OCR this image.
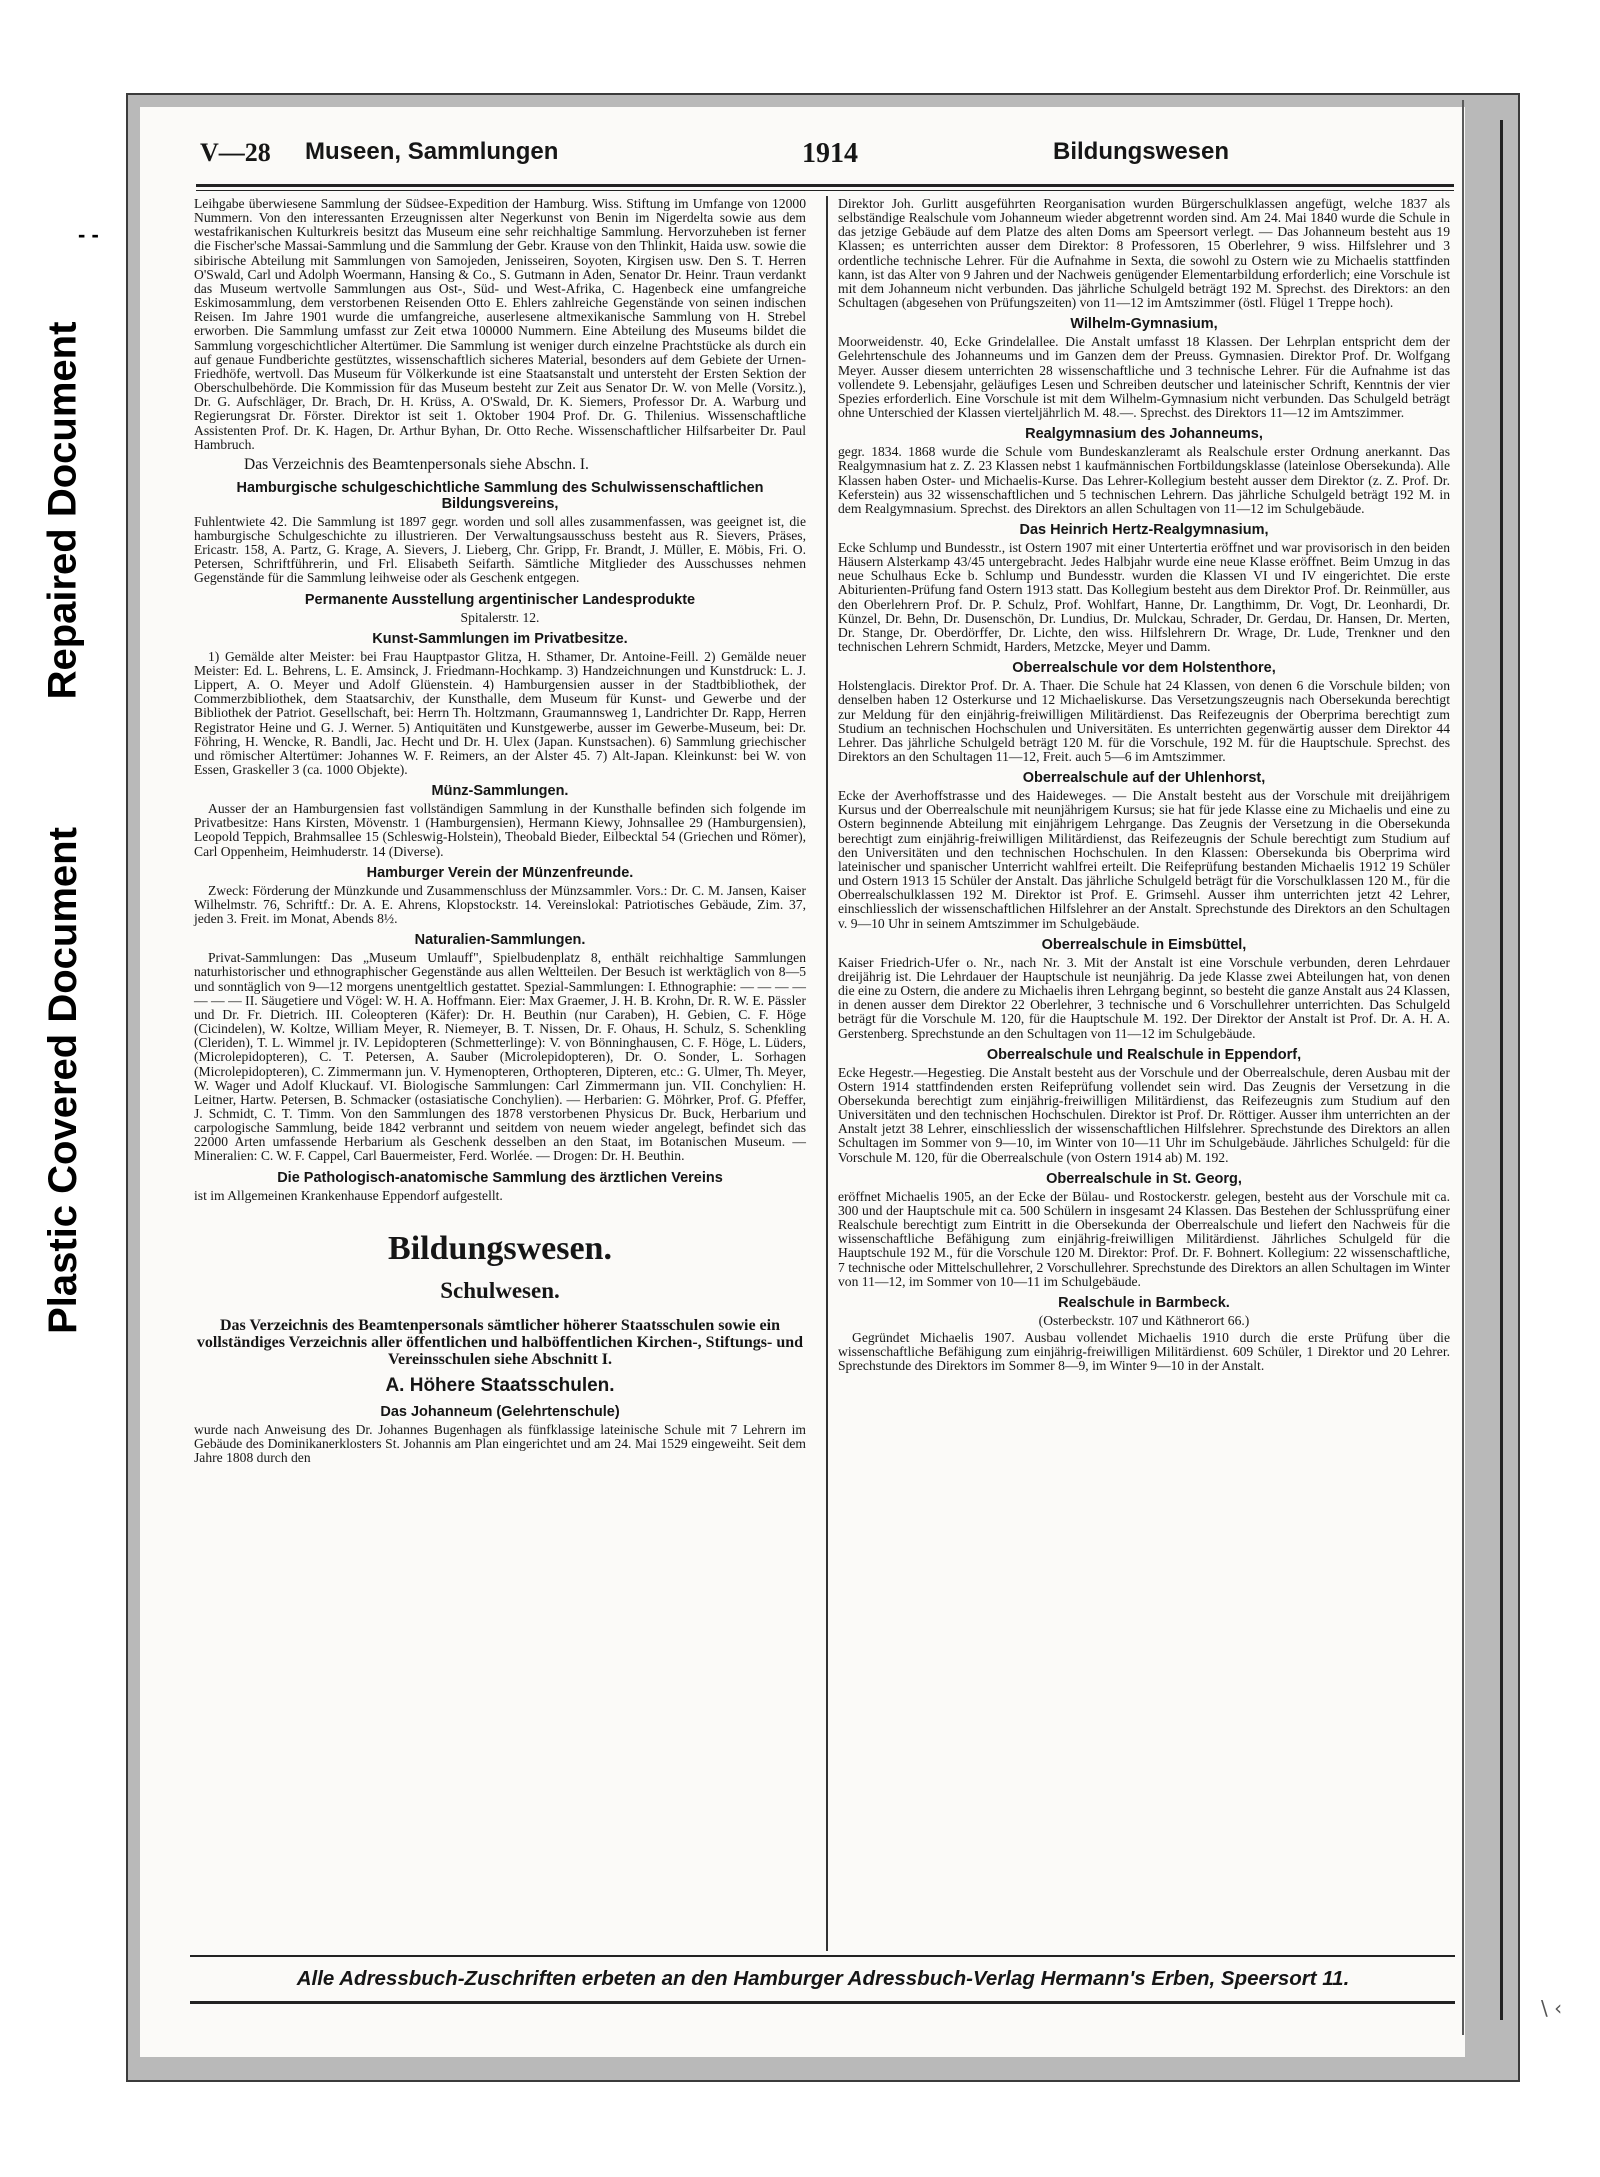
- -
Repaired Document
Plastic Covered Document
\ ‹
V—28 Museen, Sammlungen	1914	Bildungswesen

Leihgabe überwiesene Sammlung der Südsee-Expedition der Hamburg. Wiss. Stiftung im Umfange von 12000 Nummern. Von den interessanten Erzeugnissen alter Negerkunst von Benin im Nigerdelta sowie aus dem westafrikanischen Kulturkreis besitzt das Museum eine sehr reichhaltige Sammlung. Hervorzuheben ist ferner die Fischer'sche Massai-Sammlung und die Sammlung der Gebr. Krause von den Thlinkit, Haida usw. sowie die sibirische Abteilung mit Sammlungen von Samojeden, Jenisseiren, Soyoten, Kirgisen usw. Den S. T. Herren O'Swald, Carl und Adolph Woermann, Hansing & Co., S. Gutmann in Aden, Senator Dr. Heinr. Traun verdankt das Museum wertvolle Sammlungen aus Ost-, Süd- und West-Afrika, C. Hagenbeck eine umfangreiche Eskimosammlung, dem verstorbenen Reisenden Otto E. Ehlers zahlreiche Gegenstände von seinen indischen Reisen. Im Jahre 1901 wurde die umfangreiche, auserlesene altmexikanische Sammlung von H. Strebel erworben. Die Sammlung umfasst zur Zeit etwa 100000 Nummern. Eine Abteilung des Museums bildet die Sammlung vorgeschichtlicher Altertümer. Die Sammlung ist weniger durch einzelne Prachtstücke als durch ein auf genaue Fundberichte gestütztes, wissenschaftlich sicheres Material, besonders auf dem Gebiete der Urnen-Friedhöfe, wertvoll. Das Museum für Völkerkunde ist eine Staatsanstalt und untersteht der Ersten Sektion der Oberschulbehörde. Die Kommission für das Museum besteht zur Zeit aus Senator Dr. W. von Melle (Vorsitz.), Dr. G. Aufschläger, Dr. Brach, Dr. H. Krüss, A. O'Swald, Dr. K. Siemers, Professor Dr. A. Warburg und Regierungsrat Dr. Förster. Direktor ist seit 1. Oktober 1904 Prof. Dr. G. Thilenius. Wissenschaftliche Assistenten Prof. Dr. K. Hagen, Dr. Arthur Byhan, Dr. Otto Reche. Wissenschaftlicher Hilfsarbeiter Dr. Paul Hambruch.

Das Verzeichnis des Beamtenpersonals siehe Abschn. I.
Hamburgische schulgeschichtliche Sammlung des Schulwissenschaftlichen Bildungsvereins,

Fuhlentwiete 42. Die Sammlung ist 1897 gegr. worden und soll alles zusammenfassen, was geeignet ist, die hamburgische Schulgeschichte zu illustrieren. Der Verwaltungsausschuss besteht aus R. Sievers, Präses, Ericastr. 158, A. Partz, G. Krage, A. Sievers, J. Lieberg, Chr. Gripp, Fr. Brandt, J. Müller, E. Möbis, Fri. O. Petersen, Schriftführerin, und Frl. Elisabeth Seifarth. Sämtliche Mitglieder des Ausschusses nehmen Gegenstände für die Sammlung leihweise oder als Geschenk entgegen.

Permanente Ausstellung argentinischer Landesprodukte
Spitalerstr. 12.
Kunst-Sammlungen im Privatbesitze.

1) Gemälde alter Meister: bei Frau Hauptpastor Glitza, H. Sthamer, Dr. Antoine-Feill. 2) Gemälde neuer Meister: Ed. L. Behrens, L. E. Amsinck, J. Friedmann-Hochkamp. 3) Handzeichnungen und Kunstdruck: L. J. Lippert, A. O. Meyer und Adolf Glüenstein. 4) Hamburgensien ausser in der Stadtbibliothek, der Commerzbibliothek, dem Staatsarchiv, der Kunsthalle, dem Museum für Kunst- und Gewerbe und der Bibliothek der Patriot. Gesellschaft, bei: Herrn Th. Holtzmann, Graumannsweg 1, Landrichter Dr. Rapp, Herren Registrator Heine und G. J. Werner. 5) Antiquitäten und Kunstgewerbe, ausser im Gewerbe-Museum, bei: Dr. Föhring, H. Wencke, R. Bandli, Jac. Hecht und Dr. H. Ulex (Japan. Kunstsachen). 6) Sammlung griechischer und römischer Altertümer: Johannes W. F. Reimers, an der Alster 45. 7) Alt-Japan. Kleinkunst: bei W. von Essen, Graskeller 3 (ca. 1000 Objekte).

Münz-Sammlungen.

Ausser der an Hamburgensien fast vollständigen Sammlung in der Kunsthalle befinden sich folgende im Privatbesitze: Hans Kirsten, Mövenstr. 1 (Hamburgensien), Hermann Kiewy, Johnsallee 29 (Hamburgensien), Leopold Teppich, Brahmsallee 15 (Schleswig-Holstein), Theobald Bieder, Eilbecktal 54 (Griechen und Römer), Carl Oppenheim, Heimhuderstr. 14 (Diverse).

Hamburger Verein der Münzenfreunde.

Zweck: Förderung der Münzkunde und Zusammenschluss der Münzsammler. Vors.: Dr. C. M. Jansen, Kaiser Wilhelmstr. 76, Schriftf.: Dr. A. E. Ahrens, Klopstockstr. 14. Vereinslokal: Patriotisches Gebäude, Zim. 37, jeden 3. Freit. im Monat, Abends 8½.

Naturalien-Sammlungen.

Privat-Sammlungen: Das „Museum Umlauff", Spielbudenplatz 8, enthält reichhaltige Sammlungen naturhistorischer und ethnographischer Gegenstände aus allen Weltteilen. Der Besuch ist werktäglich von 8—5 und sonntäglich von 9—12 morgens unentgeltlich gestattet. Spezial-Sammlungen: I. Ethnographie: — — — — — — — II. Säugetiere und Vögel: W. H. A. Hoffmann. Eier: Max Graemer, J. H. B. Krohn, Dr. R. W. E. Pässler und Dr. Fr. Dietrich. III. Coleopteren (Käfer): Dr. H. Beuthin (nur Caraben), H. Gebien, C. F. Höge (Cicindelen), W. Koltze, William Meyer, R. Niemeyer, B. T. Nissen, Dr. F. Ohaus, H. Schulz, S. Schenkling (Cleriden), T. L. Wimmel jr. IV. Lepidopteren (Schmetterlinge): V. von Bönninghausen, C. F. Höge, L. Lüders, (Microlepidopteren), C. T. Petersen, A. Sauber (Microlepidopteren), Dr. O. Sonder, L. Sorhagen (Microlepidopteren), C. Zimmermann jun. V. Hymenopteren, Orthopteren, Dipteren, etc.: G. Ulmer, Th. Meyer, W. Wager und Adolf Kluckauf. VI. Biologische Sammlungen: Carl Zimmermann jun. VII. Conchylien: H. Leitner, Hartw. Petersen, B. Schmacker (ostasiatische Conchylien). — Herbarien: G. Möhrker, Prof. G. Pfeffer, J. Schmidt, C. T. Timm. Von den Sammlungen des 1878 verstorbenen Physicus Dr. Buck, Herbarium und carpologische Sammlung, beide 1842 verbrannt und seitdem von neuem wieder angelegt, befindet sich das 22000 Arten umfassende Herbarium als Geschenk desselben an den Staat, im Botanischen Museum. — Mineralien: C. W. F. Cappel, Carl Bauermeister, Ferd. Worlée. — Drogen: Dr. H. Beuthin.

Die Pathologisch-anatomische Sammlung des ärztlichen Vereins

ist im Allgemeinen Krankenhause Eppendorf aufgestellt.

Bildungswesen.
Schulwesen.
Das Verzeichnis des Beamtenpersonals sämtlicher höherer Staatsschulen sowie ein vollständiges Verzeichnis aller öffentlichen und halböffentlichen Kirchen-, Stiftungs- und Vereinsschulen siehe Abschnitt I.
A. Höhere Staatsschulen.
Das Johanneum (Gelehrtenschule)

wurde nach Anweisung des Dr. Johannes Bugenhagen als fünfklassige lateinische Schule mit 7 Lehrern im Gebäude des Dominikanerklosters St. Johannis am Plan eingerichtet und am 24. Mai 1529 eingeweiht. Seit dem Jahre 1808 durch den

Direktor Joh. Gurlitt ausgeführten Reorganisation wurden Bürgerschulklassen angefügt, welche 1837 als selbständige Realschule vom Johanneum wieder abgetrennt worden sind. Am 24. Mai 1840 wurde die Schule in das jetzige Gebäude auf dem Platze des alten Doms am Speersort verlegt. — Das Johanneum besteht aus 19 Klassen; es unterrichten ausser dem Direktor: 8 Professoren, 15 Oberlehrer, 9 wiss. Hilfslehrer und 3 ordentliche technische Lehrer. Für die Aufnahme in Sexta, die sowohl zu Ostern wie zu Michaelis stattfinden kann, ist das Alter von 9 Jahren und der Nachweis genügender Elementarbildung erforderlich; eine Vorschule ist mit dem Johanneum nicht verbunden. Das jährliche Schulgeld beträgt 192 M. Sprechst. des Direktors: an den Schultagen (abgesehen von Prüfungszeiten) von 11—12 im Amtszimmer (östl. Flügel 1 Treppe hoch).

Wilhelm-Gymnasium,

Moorweidenstr. 40, Ecke Grindelallee. Die Anstalt umfasst 18 Klassen. Der Lehrplan entspricht dem der Gelehrtenschule des Johanneums und im Ganzen dem der Preuss. Gymnasien. Direktor Prof. Dr. Wolfgang Meyer. Ausser diesem unterrichten 28 wissenschaftliche und 3 technische Lehrer. Für die Aufnahme ist das vollendete 9. Lebensjahr, geläufiges Lesen und Schreiben deutscher und lateinischer Schrift, Kenntnis der vier Spezies erforderlich. Eine Vorschule ist mit dem Wilhelm-Gymnasium nicht verbunden. Das Schulgeld beträgt ohne Unterschied der Klassen vierteljährlich M. 48.—. Sprechst. des Direktors 11—12 im Amtszimmer.

Realgymnasium des Johanneums,

gegr. 1834. 1868 wurde die Schule vom Bundeskanzleramt als Realschule erster Ordnung anerkannt. Das Realgymnasium hat z. Z. 23 Klassen nebst 1 kaufmännischen Fortbildungsklasse (lateinlose Obersekunda). Alle Klassen haben Oster- und Michaelis-Kurse. Das Lehrer-Kollegium besteht ausser dem Direktor (z. Z. Prof. Dr. Keferstein) aus 32 wissenschaftlichen und 5 technischen Lehrern. Das jährliche Schulgeld beträgt 192 M. in dem Realgymnasium. Sprechst. des Direktors an allen Schultagen von 11—12 im Schulgebäude.

Das Heinrich Hertz-Realgymnasium,

Ecke Schlump und Bundesstr., ist Ostern 1907 mit einer Untertertia eröffnet und war provisorisch in den beiden Häusern Alsterkamp 43/45 untergebracht. Jedes Halbjahr wurde eine neue Klasse eröffnet. Beim Umzug in das neue Schulhaus Ecke b. Schlump und Bundesstr. wurden die Klassen VI und IV eingerichtet. Die erste Abiturienten-Prüfung fand Ostern 1913 statt. Das Kollegium besteht aus dem Direktor Prof. Dr. Reinmüller, aus den Oberlehrern Prof. Dr. P. Schulz, Prof. Wohlfart, Hanne, Dr. Langthimm, Dr. Vogt, Dr. Leonhardi, Dr. Künzel, Dr. Behn, Dr. Dusenschön, Dr. Lundius, Dr. Mulckau, Schrader, Dr. Gerdau, Dr. Hansen, Dr. Merten, Dr. Stange, Dr. Oberdörffer, Dr. Lichte, den wiss. Hilfslehrern Dr. Wrage, Dr. Lude, Trenkner und den technischen Lehrern Schmidt, Harders, Metzcke, Meyer und Damm.

Oberrealschule vor dem Holstenthore,

Holstenglacis. Direktor Prof. Dr. A. Thaer. Die Schule hat 24 Klassen, von denen 6 die Vorschule bilden; von denselben haben 12 Osterkurse und 12 Michaeliskurse. Das Versetzungszeugnis nach Obersekunda berechtigt zur Meldung für den einjährig-freiwilligen Militärdienst. Das Reifezeugnis der Oberprima berechtigt zum Studium an technischen Hochschulen und Universitäten. Es unterrichten gegenwärtig ausser dem Direktor 44 Lehrer. Das jährliche Schulgeld beträgt 120 M. für die Vorschule, 192 M. für die Hauptschule. Sprechst. des Direktors an den Schultagen 11—12, Freit. auch 5—6 im Amtszimmer.

Oberrealschule auf der Uhlenhorst,

Ecke der Averhoffstrasse und des Haideweges. — Die Anstalt besteht aus der Vorschule mit dreijährigem Kursus und der Oberrealschule mit neunjährigem Kursus; sie hat für jede Klasse eine zu Michaelis und eine zu Ostern beginnende Abteilung mit einjährigem Lehrgange. Das Zeugnis der Versetzung in die Obersekunda berechtigt zum einjährig-freiwilligen Militärdienst, das Reifezeugnis der Schule berechtigt zum Studium auf den Universitäten und den technischen Hochschulen. In den Klassen: Obersekunda bis Oberprima wird lateinischer und spanischer Unterricht wahlfrei erteilt. Die Reifeprüfung bestanden Michaelis 1912 19 Schüler und Ostern 1913 15 Schüler der Anstalt. Das jährliche Schulgeld beträgt für die Vorschulklassen 120 M., für die Oberrealschulklassen 192 M. Direktor ist Prof. E. Grimsehl. Ausser ihm unterrichten jetzt 42 Lehrer, einschliesslich der wissenschaftlichen Hilfslehrer an der Anstalt. Sprechstunde des Direktors an den Schultagen v. 9—10 Uhr in seinem Amtszimmer im Schulgebäude.

Oberrealschule in Eimsbüttel,

Kaiser Friedrich-Ufer o. Nr., nach Nr. 3. Mit der Anstalt ist eine Vorschule verbunden, deren Lehrdauer dreijährig ist. Die Lehrdauer der Hauptschule ist neunjährig. Da jede Klasse zwei Abteilungen hat, von denen die eine zu Ostern, die andere zu Michaelis ihren Lehrgang beginnt, so besteht die ganze Anstalt aus 24 Klassen, in denen ausser dem Direktor 22 Oberlehrer, 3 technische und 6 Vorschullehrer unterrichten. Das Schulgeld beträgt für die Vorschule M. 120, für die Hauptschule M. 192. Der Direktor der Anstalt ist Prof. Dr. A. H. A. Gerstenberg. Sprechstunde an den Schultagen von 11—12 im Schulgebäude.

Oberrealschule und Realschule in Eppendorf,

Ecke Hegestr.—Hegestieg. Die Anstalt besteht aus der Vorschule und der Oberrealschule, deren Ausbau mit der Ostern 1914 stattfindenden ersten Reifeprüfung vollendet sein wird. Das Zeugnis der Versetzung in die Obersekunda berechtigt zum einjährig-freiwilligen Militärdienst, das Reifezeugnis zum Studium auf den Universitäten und den technischen Hochschulen. Direktor ist Prof. Dr. Röttiger. Ausser ihm unterrichten an der Anstalt jetzt 38 Lehrer, einschliesslich der wissenschaftlichen Hilfslehrer. Sprechstunde des Direktors an allen Schultagen im Sommer von 9—10, im Winter von 10—11 Uhr im Schulgebäude. Jährliches Schulgeld: für die Vorschule M. 120, für die Oberrealschule (von Ostern 1914 ab) M. 192.

Oberrealschule in St. Georg,

eröffnet Michaelis 1905, an der Ecke der Bülau- und Rostockerstr. gelegen, besteht aus der Vorschule mit ca. 300 und der Hauptschule mit ca. 500 Schülern in insgesamt 24 Klassen. Das Bestehen der Schlussprüfung einer Realschule berechtigt zum Eintritt in die Obersekunda der Oberrealschule und liefert den Nachweis für die wissenschaftliche Befähigung zum einjährig-freiwilligen Militärdienst. Jährliches Schulgeld für die Hauptschule 192 M., für die Vorschule 120 M. Direktor: Prof. Dr. F. Bohnert. Kollegium: 22 wissenschaftliche, 7 technische oder Mittelschullehrer, 2 Vorschullehrer. Sprechstunde des Direktors an allen Schultagen im Winter von 11—12, im Sommer von 10—11 im Schulgebäude.

Realschule in Barmbeck.
(Osterbeckstr. 107 und Käthnerort 66.)

Gegründet Michaelis 1907. Ausbau vollendet Michaelis 1910 durch die erste Prüfung über die wissenschaftliche Befähigung zum einjährig-freiwilligen Militärdienst. 609 Schüler, 1 Direktor und 20 Lehrer. Sprechstunde des Direktors im Sommer 8—9, im Winter 9—10 in der Anstalt.

Alle Adressbuch-Zuschriften erbeten an den Hamburger Adressbuch-Verlag Hermann's Erben, Speersort 11.
